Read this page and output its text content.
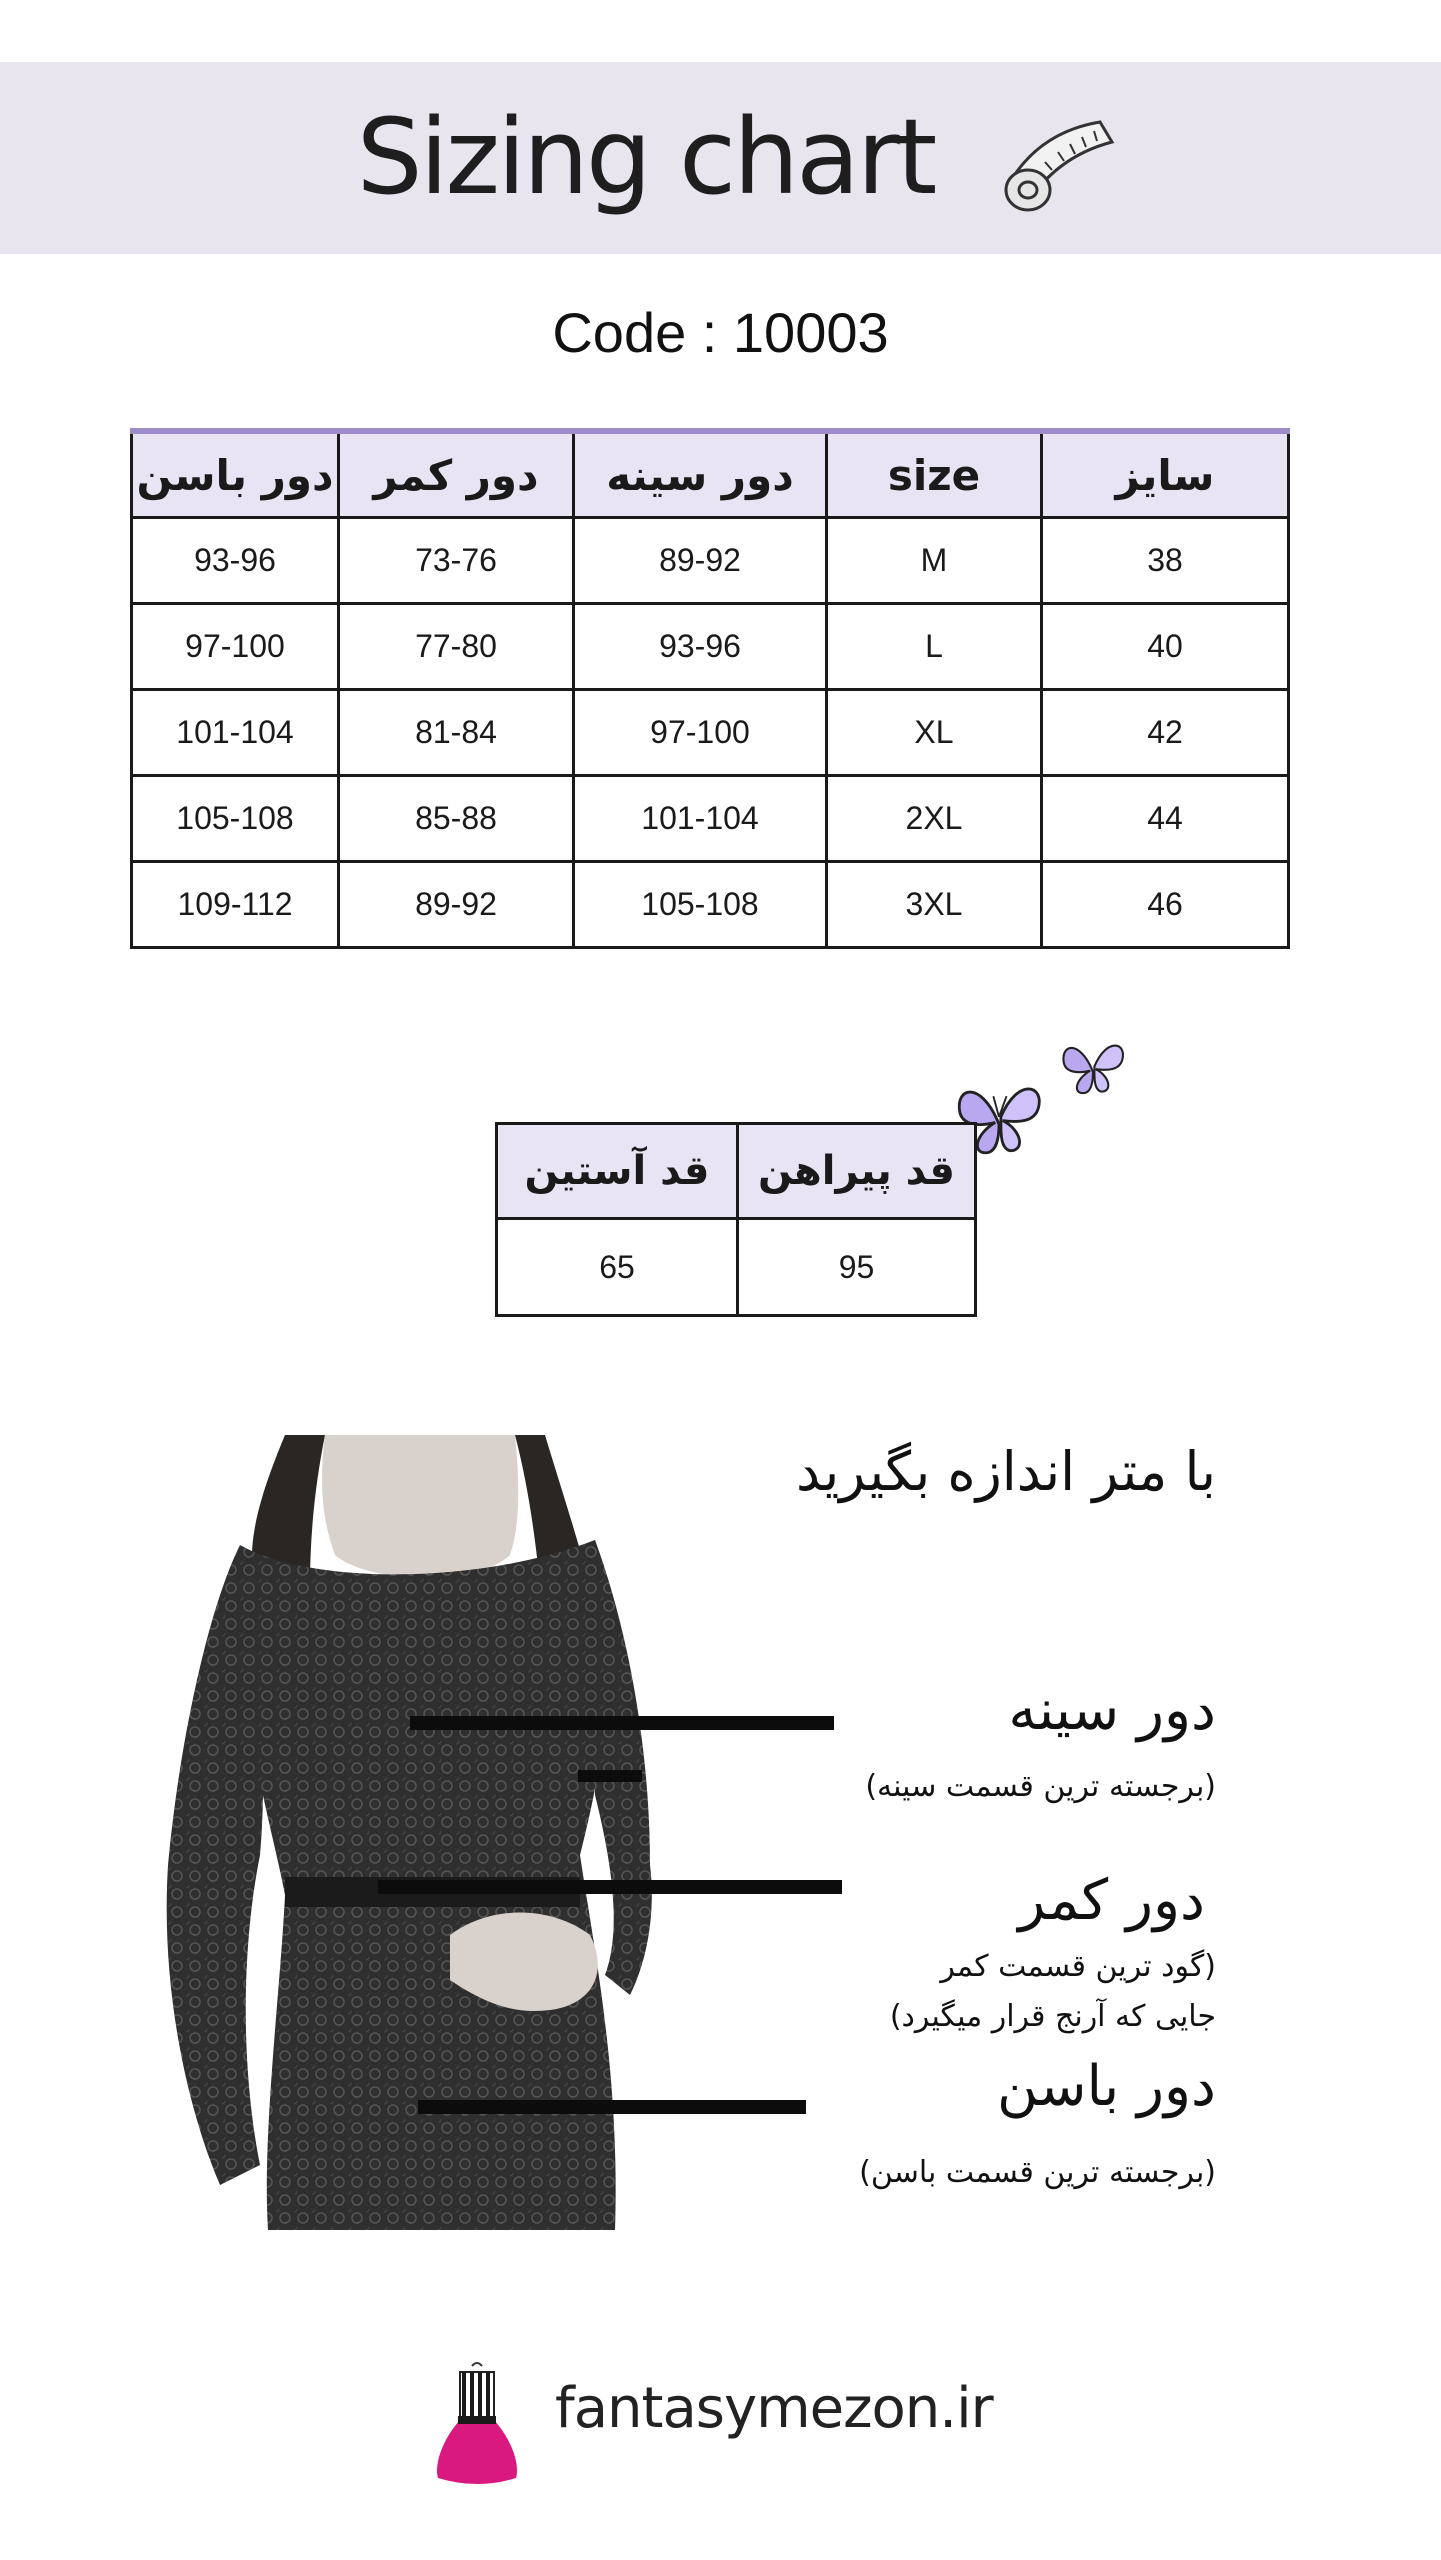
Sizing chart
Code : 10003
دور باسن	دور کمر	دور سینه	size	سایز
93-96	73-76	89-92	M	38
97-100	77-80	93-96	L	40
101-104	81-84	97-100	XL	42
105-108	85-88	101-104	2XL	44
109-112	89-92	105-108	3XL	46
قد آستین	قد پیراهن
65	95
با متر اندازه بگیرید
دور سینه
(برجسته ترین قسمت سینه)
دور کمر
(گود ترین قسمت کمر
جایی که آرنج قرار میگیرد)
دور باسن
(برجسته ترین قسمت باسن)
fantasymezon.ir
